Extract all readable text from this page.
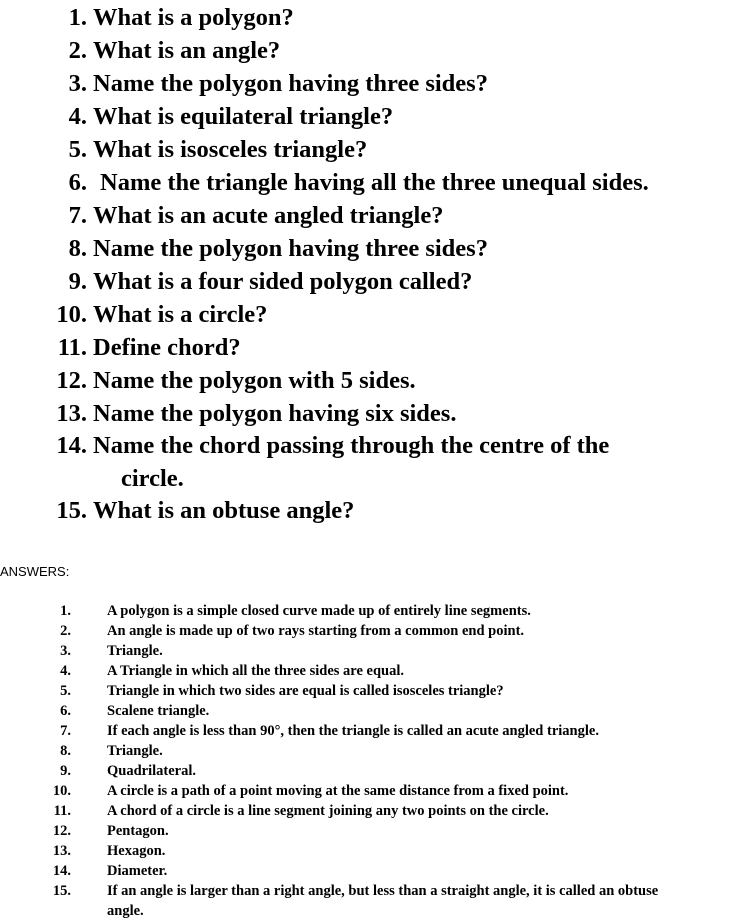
1. What is a polygon?
2. What is an angle?
3. Name the polygon having three sides?
4. What is equilateral triangle?
5. What is isosceles triangle?
6. Name the triangle having all the three unequal sides.
7. What is an acute angled triangle?
8. Name the polygon having three sides?
9. What is a four sided polygon called?
10. What is a circle?
11. Define chord?
12. Name the polygon with 5 sides.
13. Name the polygon having six sides.
14. Name the chord passing through the centre of the
circle.
15. What is an obtuse angle?
ANSWERS:
1. A polygon is a simple closed curve made up of entirely line segments.
2. An angle is made up of two rays starting from a common end point.
3. Triangle.
4. A Triangle in which all the three sides are equal.
5. Triangle in which two sides are equal is called isosceles triangle?
6. Scalene triangle.
7. If each angle is less than 90°, then the triangle is called an acute angled triangle.
8. Triangle.
9. Quadrilateral.
10. A circle is a path of a point moving at the same distance from a fixed point.
11. A chord of a circle is a line segment joining any two points on the circle.
12. Pentagon.
13. Hexagon.
14. Diameter.
15. If an angle is larger than a right angle, but less than a straight angle, it is called an obtuse
angle.
